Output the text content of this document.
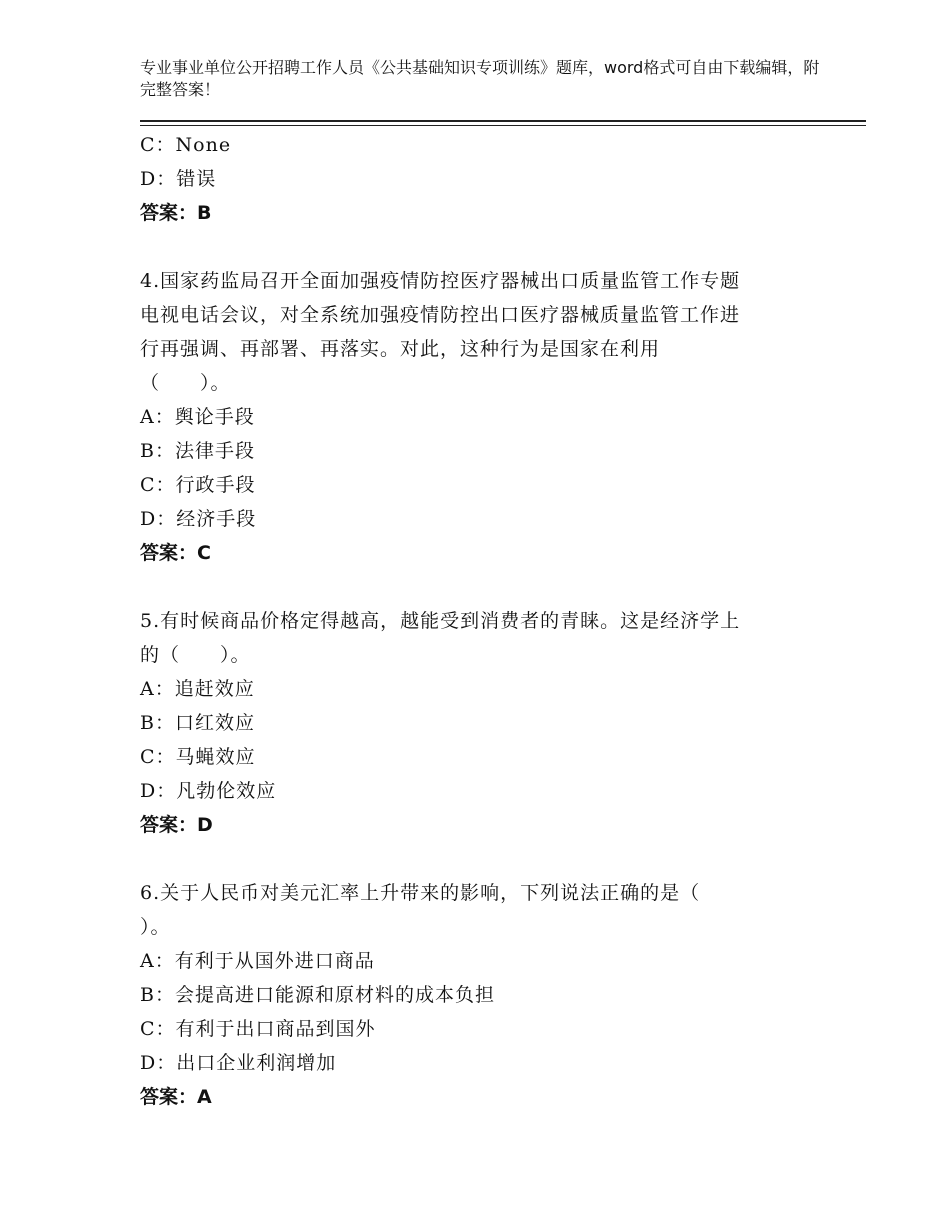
专业事业单位公开招聘工作人员《公共基础知识专项训练》题库，word格式可自由下载编辑，附完整答案！
C：None
D：错误
答案：B
4.国家药监局召开全面加强疫情防控医疗器械出口质量监管工作专题
电视电话会议，对全系统加强疫情防控出口医疗器械质量监管工作进
行再强调、再部署、再落实。对此，这种行为是国家在利用
（　　）。
A：舆论手段
B：法律手段
C：行政手段
D：经济手段
答案：C
5.有时候商品价格定得越高，越能受到消费者的青睐。这是经济学上
的（　　）。
A：追赶效应
B：口红效应
C：马蝇效应
D：凡勃伦效应
答案：D
6.关于人民币对美元汇率上升带来的影响，下列说法正确的是（
）。
A：有利于从国外进口商品
B：会提高进口能源和原材料的成本负担
C：有利于出口商品到国外
D：出口企业利润增加
答案：A
